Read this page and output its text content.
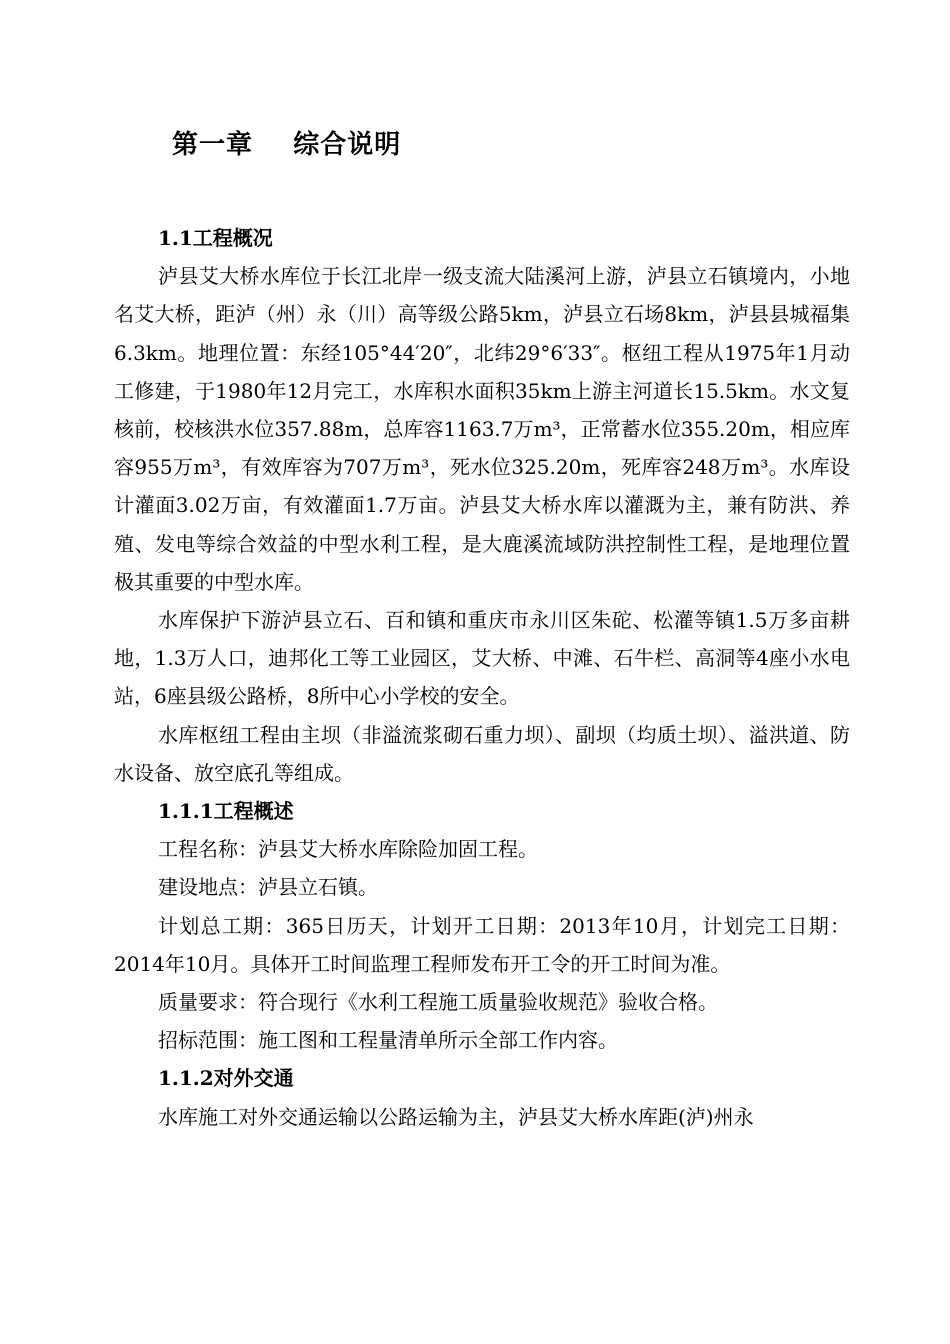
第一章    综合说明

1.1工程概况

泸县艾大桥水库位于长江北岸一级支流大陆溪河上游，泸县立石镇境内，小地名艾大桥，距泸（州）永（川）高等级公路5km，泸县立石场8km，泸县县城福集6.3km。地理位置：东经105°44′20″，北纬29°6′33″。枢纽工程从1975年1月动工修建，于1980年12月完工，水库积水面积35km上游主河道长15.5km。水文复核前，校核洪水位357.88m，总库容1163.7万m³，正常蓄水位355.20m，相应库容955万m³，有效库容为707万m³，死水位325.20m，死库容248万m³。水库设计灌面3.02万亩，有效灌面1.7万亩。泸县艾大桥水库以灌溉为主，兼有防洪、养殖、发电等综合效益的中型水利工程，是大鹿溪流域防洪控制性工程，是地理位置极其重要的中型水库。

水库保护下游泸县立石、百和镇和重庆市永川区朱砣、松灌等镇1.5万多亩耕地，1.3万人口，迪邦化工等工业园区，艾大桥、中滩、石牛栏、高洞等4座小水电站，6座县级公路桥，8所中心小学校的安全。

水库枢纽工程由主坝（非溢流浆砌石重力坝）、副坝（均质土坝）、溢洪道、防水设备、放空底孔等组成。

1.1.1工程概述

工程名称：泸县艾大桥水库除险加固工程。

建设地点：泸县立石镇。

计划总工期：365日历天，计划开工日期：2013年10月，计划完工日期：2014年10月。具体开工时间监理工程师发布开工令的开工时间为准。

质量要求：符合现行《水利工程施工质量验收规范》验收合格。

招标范围：施工图和工程量清单所示全部工作内容。

1.1.2对外交通

水库施工对外交通运输以公路运输为主，泸县艾大桥水库距(泸)州永
